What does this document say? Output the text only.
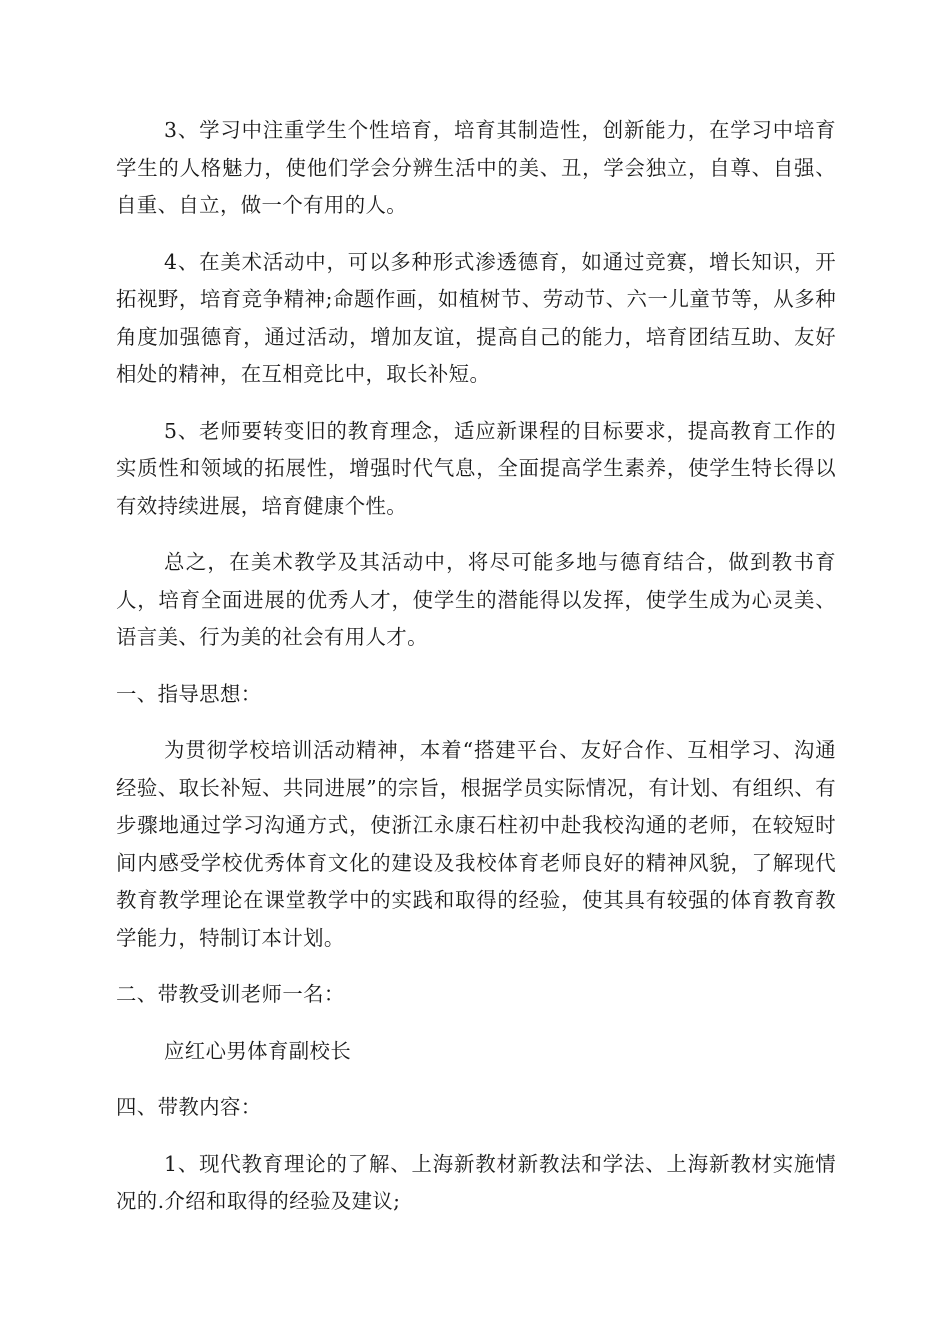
3、学习中注重学生个性培育，培育其制造性，创新能力，在学习中培育学生的人格魅力，使他们学会分辨生活中的美、丑，学会独立，自尊、自强、自重、自立，做一个有用的人。

4、在美术活动中，可以多种形式渗透德育，如通过竞赛，增长知识，开拓视野，培育竞争精神;命题作画，如植树节、劳动节、六一儿童节等，从多种角度加强德育，通过活动，增加友谊，提高自己的能力，培育团结互助、友好相处的精神，在互相竞比中，取长补短。

5、老师要转变旧的教育理念，适应新课程的目标要求，提高教育工作的实质性和领域的拓展性，增强时代气息，全面提高学生素养，使学生特长得以有效持续进展，培育健康个性。

总之，在美术教学及其活动中，将尽可能多地与德育结合，做到教书育人，培育全面进展的优秀人才，使学生的潜能得以发挥，使学生成为心灵美、语言美、行为美的社会有用人才。

一、指导思想：

为贯彻学校培训活动精神，本着“搭建平台、友好合作、互相学习、沟通经验、取长补短、共同进展”的宗旨，根据学员实际情况，有计划、有组织、有步骤地通过学习沟通方式，使浙江永康石柱初中赴我校沟通的老师，在较短时间内感受学校优秀体育文化的建设及我校体育老师良好的精神风貌，了解现代教育教学理论在课堂教学中的实践和取得的经验，使其具有较强的体育教育教学能力，特制订本计划。

二、带教受训老师一名：

应红心男体育副校长

四、带教内容：

1、现代教育理论的了解、上海新教材新教法和学法、上海新教材实施情况的.介绍和取得的经验及建议;
